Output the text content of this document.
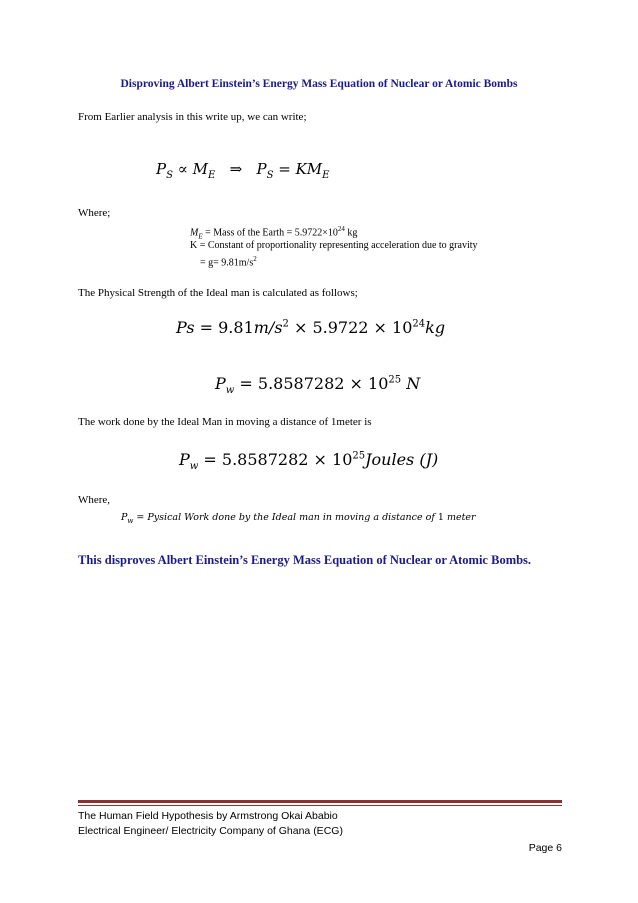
Disproving Albert Einstein’s Energy Mass Equation of Nuclear or Atomic Bombs
From Earlier analysis in this write up, we can write;
$P_S \propto M_E$   ⇒   $P_S = KM_E$
Where;
$M_E$ = Mass of the Earth = $5.9722\times 10^{24}$ kg
K = Constant of proportionality representing acceleration due to gravity
= $g= 9.81m/s^2$
The Physical Strength of the Ideal man is calculated as follows;
$Ps = 9.81m/s^2 \times 5.9722 \times 10^{24}kg$
$P_w = 5.8587282 \times 10^{25}$ N
The work done by the Ideal Man in moving a distance of 1meter is
$P_w = 5.8587282$ × $10^{25}Joules$ (J)
Where,
$P_w$ = Pysical Work done by the Ideal man in moving a distance of 1 meter
This disproves Albert Einstein’s Energy Mass Equation of Nuclear or Atomic Bombs.
The Human Field Hypothesis by Armstrong Okai Ababio
Electrical Engineer/ Electricity Company of Ghana (ECG)
Page 6
